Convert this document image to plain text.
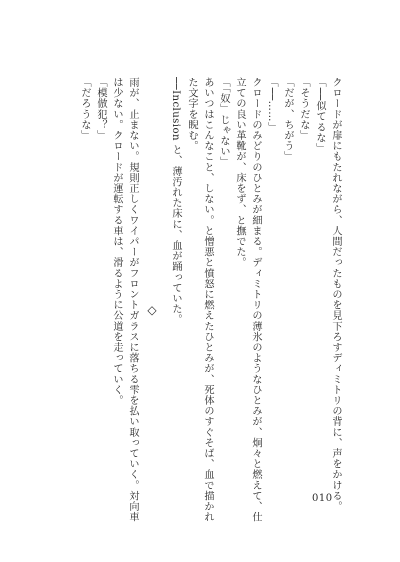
クロードが扉にもたれながら、人間だったものを見下ろすディミトリの背に、声をかける。
「──似てるな」
「そうだな」
「だが、ちがう」
「──……」
クロードのみどりのひとみが細まる。ディミトリの薄氷のようなひとみが、炯々と燃えて、仕
立ての良い革靴が、床をず、と撫でた。
「「奴」じゃない」
あいつはこんなこと、しない。と憎悪と憤怒に燃えたひとみが、死体のすぐそば、血で描かれ
た文字を睨む。
──Inclusion と、薄汚れた床に、血が踊っていた。
◇
雨が、止まない。規則正しくワイパーがフロントガラスに落ちる雫を払い取っていく。対向車
は少ない。クロードが運転する車は、滑るように公道を走っていく。
「模倣犯？」
「だろうな」
010
